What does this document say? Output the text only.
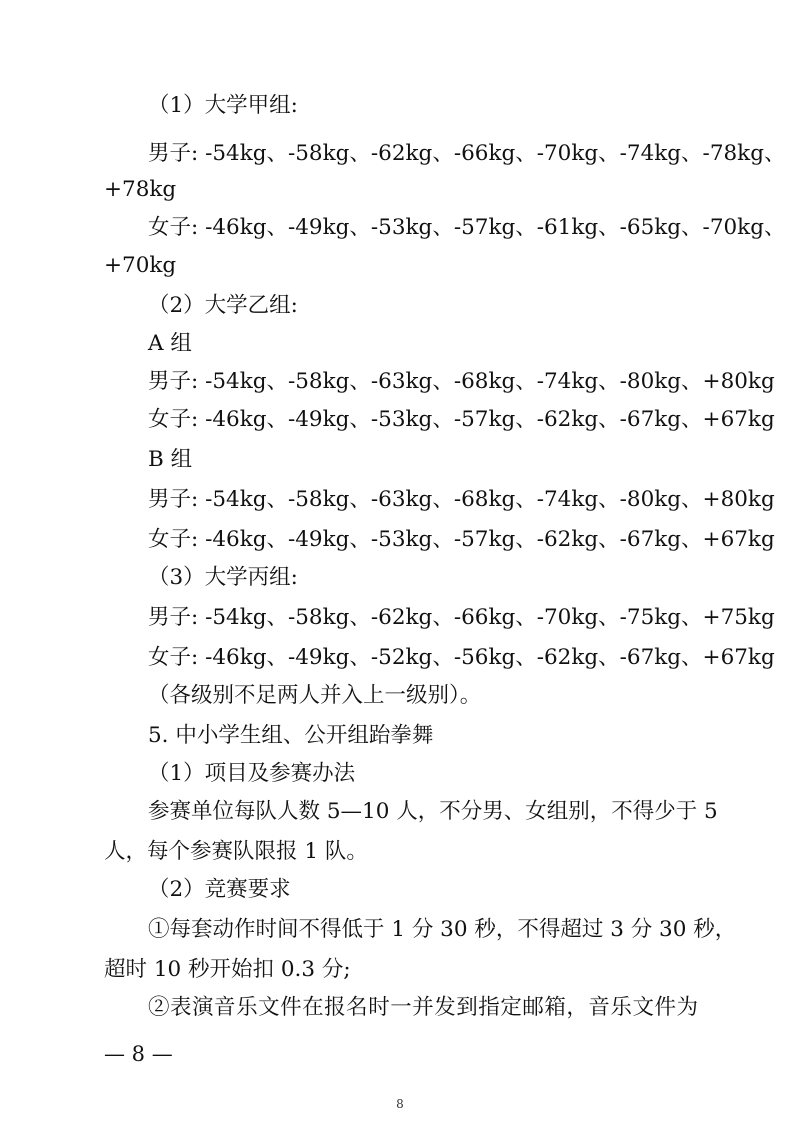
（1）大学甲组:
男子: -54kg、-58kg、-62kg、-66kg、-70kg、-74kg、-78kg、
+78kg
女子: -46kg、-49kg、-53kg、-57kg、-61kg、-65kg、-70kg、
+70kg
（2）大学乙组:
A 组
男子: -54kg、-58kg、-63kg、-68kg、-74kg、-80kg、+80kg
女子: -46kg、-49kg、-53kg、-57kg、-62kg、-67kg、+67kg
B 组
男子: -54kg、-58kg、-63kg、-68kg、-74kg、-80kg、+80kg
女子: -46kg、-49kg、-53kg、-57kg、-62kg、-67kg、+67kg
（3）大学丙组:
男子: -54kg、-58kg、-62kg、-66kg、-70kg、-75kg、+75kg
女子: -46kg、-49kg、-52kg、-56kg、-62kg、-67kg、+67kg
（各级别不足两人并入上一级别）。
5. 中小学生组、公开组跆拳舞
（1）项目及参赛办法
参赛单位每队人数 5—10 人，不分男、女组别，不得少于 5
人，每个参赛队限报 1 队。
（2）竞赛要求
①每套动作时间不得低于 1 分 30 秒，不得超过 3 分 30 秒，
超时 10 秒开始扣 0.3 分;
②表演音乐文件在报名时一并发到指定邮箱，音乐文件为
— 8 —
8
